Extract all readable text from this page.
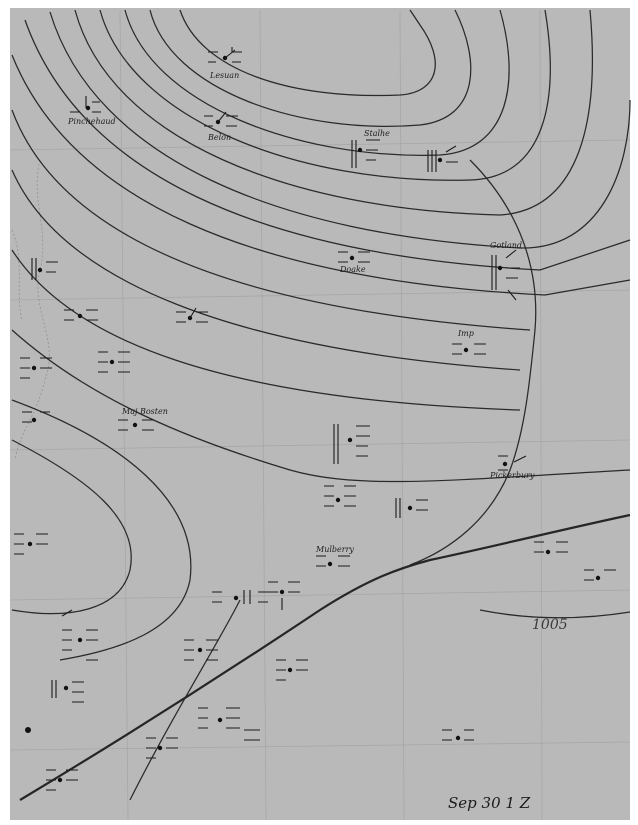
Lesuan
Pinchehaud
Belon	Stalhe
Doake
Gotland
Imp
Maj Bosten
Mulberry
Pickerbury
1005
Sep 30 1 Z
